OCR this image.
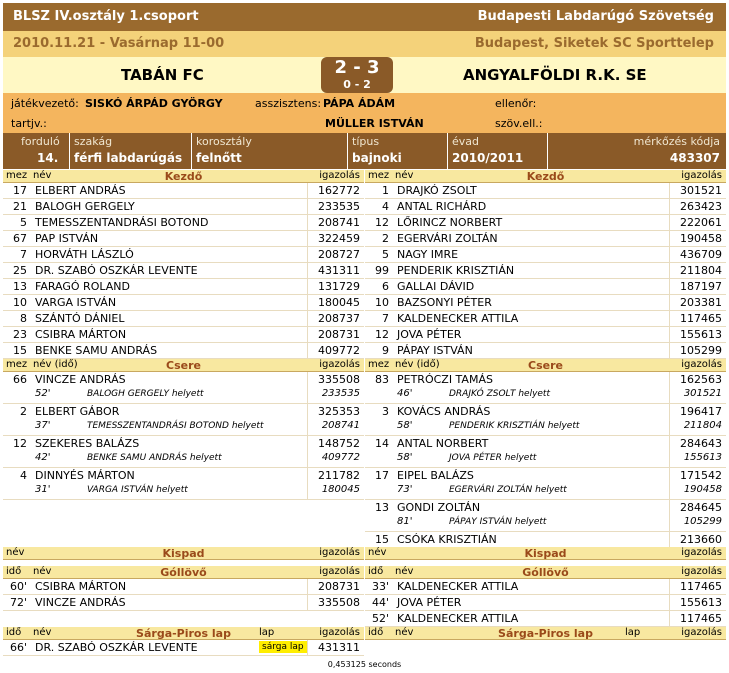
BLSZ IV.osztály 1.csoport	Budapesti Labdarúgó Szövetség
2010.11.21 - Vasárnap 11-00	Budapest, Siketek SC Sporttelep
TABÁN FC	2 - 3
0 - 2
ANGYALFÖLDI R.K. SE
játékvezető: SISKÓ ÁRPÁD GYÖRGY	asszisztens: PÁPA ÁDÁM	ellenőr:
tartjv.:	MÜLLER ISTVÁN	szöv.ell.:
forduló
14.
szakág
férfi labdarúgás
korosztály
felnőtt
típus
bajnoki
évad
2010/2011
mérkőzés kódja
483307
mez név	Kezdő	igazolás
17 ELBERT ANDRÁS	162772
21 BALOGH GERGELY	233535
5 TEMESSZENTANDRÁSI BOTOND	208741
67 PAP ISTVÁN	322459
7 HORVÁTH LÁSZLÓ	208727
25 DR. SZABÓ OSZKÁR LEVENTE	431311
13 FARAGÓ ROLAND	131729
10 VARGA ISTVÁN	180045
8 SZÁNTÓ DÁNIEL	208737
23 CSIBRA MÁRTON	208731
15 BENKE SAMU ANDRÁS	409772
mez név (idő)	Csere	igazolás
66 VINCZE ANDRÁS	335508
52'	BALOGH GERGELY helyett	233535
2 ELBERT GÁBOR	325353
37'	TEMESSZENTANDRÁSI BOTOND helyett	208741
12 SZEKERES BALÁZS	148752
42'	BENKE SAMU ANDRÁS helyett	409772
4 DINNYÉS MÁRTON	211782
31'	VARGA ISTVÁN helyett	180045
mez név	Kezdő	igazolás
1 DRAJKÓ ZSOLT	301521
4 ANTAL RICHÁRD	263423
12 LŐRINCZ NORBERT	222061
2 EGERVÁRI ZOLTÁN	190458
5 NAGY IMRE	436709
99 PENDERIK KRISZTIÁN	211804
6 GALLAI DÁVID	187197
10 BAZSONYI PÉTER	203381
7 KALDENECKER ATTILA	117465
12 JOVA PÉTER	155613
9 PÁPAY ISTVÁN	105299
mez név (idő)	Csere	igazolás
83 PETRÓCZI TAMÁS	162563
46'	DRAJKÓ ZSOLT helyett	301521
3 KOVÁCS ANDRÁS	196417
58'	PENDERIK KRISZTIÁN helyett	211804
14 ANTAL NORBERT	284643
58'	JOVA PÉTER helyett	155613
17 EIPEL BALÁZS	171542
73'	EGERVÁRI ZOLTÁN helyett	190458
13 GONDI ZOLTÁN	284645
81'	PÁPAY ISTVÁN helyett	105299
15 CSÓKA KRISZTIÁN	213660
név	Kispad	igazolás
idő név	Góllövő	igazolás
60' CSIBRA MÁRTON	208731
72' VINCZE ANDRÁS	335508
idő név	Sárga-Piros lap	lap	igazolás
66' DR. SZABÓ OSZKÁR LEVENTE	sárga lap 431311
név	Kispad	igazolás
idő név	Góllövő	igazolás
33' KALDENECKER ATTILA	117465
44' JOVA PÉTER	155613
52' KALDENECKER ATTILA	117465
idő név	Sárga-Piros lap	lap	igazolás
0,453125 seconds
